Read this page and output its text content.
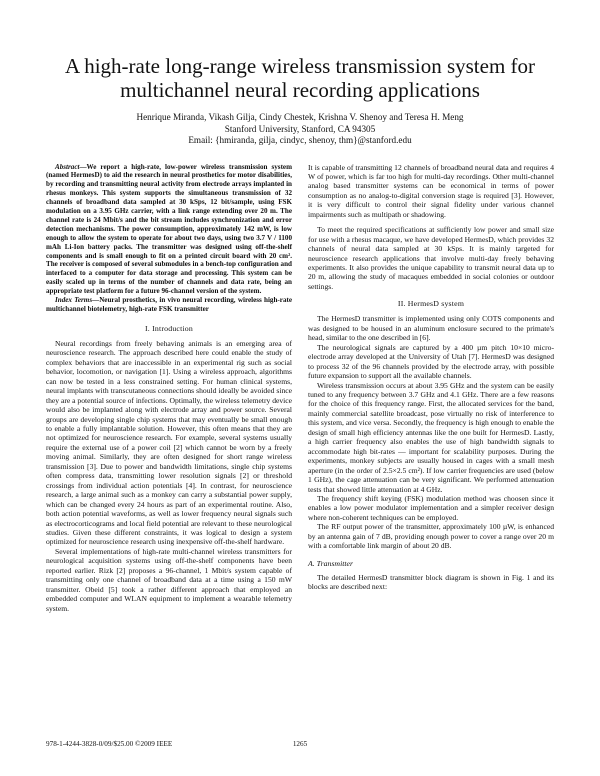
A high-rate long-range wireless transmission system for multichannel neural recording applications
Henrique Miranda, Vikash Gilja, Cindy Chestek, Krishna V. Shenoy and Teresa H. Meng
Stanford University, Stanford, CA 94305
Email: {hmiranda, gilja, cindyc, shenoy, thm}@stanford.edu

Abstract—We report a high-rate, low-power wireless transmission system (named HermesD) to aid the research in neural prosthetics for motor disabilities, by recording and transmitting neural activity from electrode arrays implanted in rhesus monkeys. This system supports the simultaneous transmission of 32 channels of broadband data sampled at 30 kSps, 12 bit/sample, using FSK modulation on a 3.95 GHz carrier, with a link range extending over 20 m. The channel rate is 24 Mbit/s and the bit stream includes synchronization and error detection mechanisms. The power consumption, approximately 142 mW, is low enough to allow the system to operate for about two days, using two 3.7 V / 1100 mAh Li-Ion battery packs. The transmitter was designed using off-the-shelf components and is small enough to fit on a printed circuit board with 20 cm². The receiver is composed of several submodules in a bench-top configuration and interfaced to a computer for data storage and processing. This system can be easily scaled up in terms of the number of channels and data rate, being an appropriate test platform for a future 96-channel version of the system.

Index Terms—Neural prosthetics, in vivo neural recording, wireless high-rate multichannel biotelemetry, high-rate FSK transmitter

I. Introduction

Neural recordings from freely behaving animals is an emerging area of neuroscience research. The approach described here could enable the study of complex behaviors that are inaccessible in an experimental rig such as social behavior, locomotion, or navigation [1]. Using a wireless approach, algorithms can now be tested in a less constrained setting. For human clinical systems, neural implants with transcutaneous connections should ideally be avoided since they are a potential source of infections. Optimally, the wireless telemetry device would also be implanted along with electrode array and power source. Several groups are developing single chip systems that may eventually be small enough to enable a fully implantable solution. However, this often means that they are not optimized for neuroscience research. For example, several systems usually require the external use of a power coil [2] which cannot be worn by a freely moving animal. Similarly, they are often designed for short range wireless transmission [3]. Due to power and bandwidth limitations, single chip systems often compress data, transmitting lower resolution signals [2] or threshold crossings from individual action potentials [4]. In contrast, for neuroscience research, a large animal such as a monkey can carry a substantial power supply, which can be changed every 24 hours as part of an experimental routine. Also, both action potential waveforms, as well as lower frequency neural signals such as electrocorticograms and local field potential are relevant to these neurological studies. Given these different constraints, it was logical to design a system optimized for neuroscience research using inexpensive off-the-shelf hardware.

Several implementations of high-rate multi-channel wireless transmitters for neurological acquisition systems using off-the-shelf components have been reported earlier. Rizk [2] proposes a 96-channel, 1 Mbit/s system capable of transmitting only one channel of broadband data at a time using a 150 mW transmitter. Obeid [5] took a rather different approach that employed an embedded computer and WLAN equipment to implement a wearable telemetry system.

It is capable of transmitting 12 channels of broadband neural data and requires 4 W of power, which is far too high for multi-day recordings. Other multi-channel analog based transmitter systems can be economical in terms of power consumption as no analog-to-digital conversion stage is required [3]. However, it is very difficult to control their signal fidelity under various channel impairments such as multipath or shadowing.

To meet the required specifications at sufficiently low power and small size for use with a rhesus macaque, we have developed HermesD, which provides 32 channels of neural data sampled at 30 kSps. It is mainly targeted for neuroscience research applications that involve multi-day freely behaving experiments. It also provides the unique capability to transmit neural data up to 20 m, allowing the study of macaques embedded in social colonies or outdoor settings.

II. HermesD system

The HermesD transmitter is implemented using only COTS components and was designed to be housed in an aluminum enclosure secured to the primate's head, similar to the one described in [6].

The neurological signals are captured by a 400 µm pitch 10×10 micro-electrode array developed at the University of Utah [7]. HermesD was designed to process 32 of the 96 channels provided by the electrode array, with possible future expansion to support all the available channels.

Wireless transmission occurs at about 3.95 GHz and the system can be easily tuned to any frequency between 3.7 GHz and 4.1 GHz. There are a few reasons for the choice of this frequency range. First, the allocated services for the band, mainly commercial satellite broadcast, pose virtually no risk of interference to this system, and vice versa. Secondly, the frequency is high enough to enable the design of small high efficiency antennas like the one built for HermesD. Lastly, a high carrier frequency also enables the use of high bandwidth signals to accommodate high bit-rates — important for scalability purposes. During the experiments, monkey subjects are usually housed in cages with a small mesh aperture (in the order of 2.5×2.5 cm²). If low carrier frequencies are used (below 1 GHz), the cage attenuation can be very significant. We performed attenuation tests that showed little attenuation at 4 GHz.

The frequency shift keying (FSK) modulation method was choosen since it enables a low power modulator implementation and a simpler receiver design where non-coherent techniques can be employed.

The RF output power of the transmitter, approximately 100 µW, is enhanced by an antenna gain of 7 dB, providing enough power to cover a range over 20 m with a comfortable link margin of about 20 dB.

A. Transmitter

The detailed HermesD transmitter block diagram is shown in Fig. 1 and its blocks are described next:

978-1-4244-3828-0/09/$25.00 ©2009 IEEE	1265
